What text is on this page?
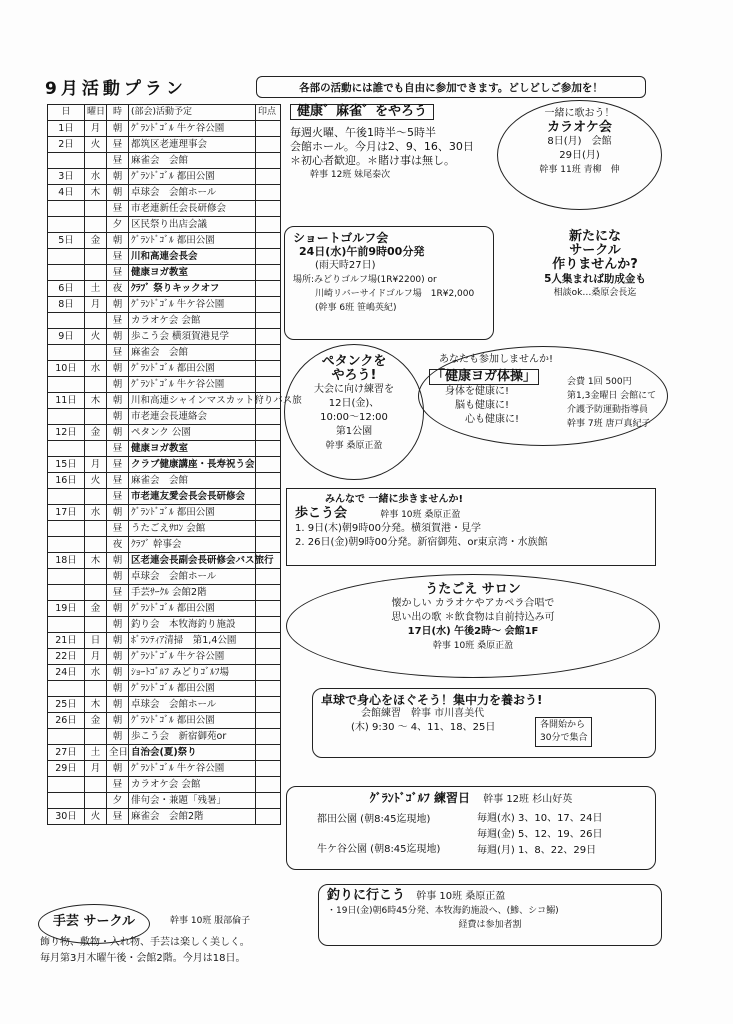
9月活動プラン	各部の活動には誰でも自由に参加できます。どしどしご参加を！
日	曜日	時	(部会)活動予定	印点
1日	月	朝	ｸﾞﾗﾝﾄﾞｺﾞﾙ 牛ケ谷公園	
2日	火	昼	都筑区老連理事会	
		昼	麻雀会　会館	
3日	水	朝	ｸﾞﾗﾝﾄﾞｺﾞﾙ 都田公園	
4日	木	朝	卓球会　会館ホール	
		昼	市老連新任会長研修会	
		夕	区民祭り出店会議	
5日	金	朝	ｸﾞﾗﾝﾄﾞｺﾞﾙ 都田公園	
		昼	川和高連会長会	
		昼	健康ヨガ教室	
6日	土	夜	ｸﾗﾌﾞ 祭りキックオフ	
8日	月	朝	ｸﾞﾗﾝﾄﾞｺﾞﾙ 牛ケ谷公園	
		昼	カラオケ会 会館	
9日	火	朝	歩こう会 横須賀港見学	
		昼	麻雀会　会館	
10日	水	朝	ｸﾞﾗﾝﾄﾞｺﾞﾙ 都田公園	
		朝	ｸﾞﾗﾝﾄﾞｺﾞﾙ 牛ケ谷公園	
11日	木	朝	川和高連シャインマスカット狩りバス旅	
		朝	市老連会長連絡会	
12日	金	朝	ペタンク 公園	
		昼	健康ヨガ教室	
15日	月	昼	クラブ健康講座・長寿祝う会	
16日	火	昼	麻雀会　会館	
		昼	市老連友愛会長会長研修会	
17日	水	朝	ｸﾞﾗﾝﾄﾞｺﾞﾙ 都田公園	
		昼	うたごえｻﾛﾝ 会館	
		夜	ｸﾗﾌﾞ 幹事会	
18日	木	朝	区老連会長副会長研修会バス旅行	
		朝	卓球会　会館ホール	
		昼	手芸ｻｰｸﾙ 会館2階	
19日	金	朝	ｸﾞﾗﾝﾄﾞｺﾞﾙ 都田公園	
		朝	釣り会　本牧海釣り施設	
21日	日	朝	ﾎﾞﾗﾝﾃｨｱ清掃　第1,4公園	
22日	月	朝	ｸﾞﾗﾝﾄﾞｺﾞﾙ 牛ケ谷公園	
24日	水	朝	ｼｮｰﾄｺﾞﾙﾌ みどりｺﾞﾙﾌ場	
		朝	ｸﾞﾗﾝﾄﾞｺﾞﾙ 都田公園	
25日	木	朝	卓球会　会館ホール	
26日	金	朝	ｸﾞﾗﾝﾄﾞｺﾞﾙ 都田公園	
		朝	歩こう会　新宿御苑or	
27日	土	全日	自治会(夏)祭り	
29日	月	朝	ｸﾞﾗﾝﾄﾞｺﾞﾙ 牛ケ谷公園	
		昼	カラオケ会 会館	
		夕	俳句会・兼題「残暑」	
30日	火	昼	麻雀会　会館2階	
健康゛麻雀゛をやろう
毎週火曜、午後1時半～5時半
会館ホール。今月は2、9、16、30日
＊初心者歓迎。＊賭け事は無し。
幹事 12班 妹尾泰次
一緒に歌おう！
カラオケ会
8日(月)　会館
29日(月)
幹事 11班 青柳　伸
ショートゴルフ会
24日(水)午前9時00分発
(雨天時27日)
場所:みどりゴルフ場(1R¥2200) or
川崎リバーサイドゴルフ場　1R¥2,000
(幹事 6班 笹嶋英紀)
新たにな
サークル
作りませんか?
5人集まれば助成金も
相談ok…桑原会長迄
ペタンクを
やろう!
大会に向け練習を
12日(金)、
10:00～12:00
第1公園
幹事 桑原正盈
あなたも参加しませんか!
「健康ヨガ体操」
身体を健康に!
脳も健康に!
心も健康に!
会費 1回 500円
第1,3金曜日 会館にて
介護予防運動指導員
幹事 7班 唐戸真紀子
みんなで 一緒に歩きませんか!
歩こう会	幹事 10班 桑原正盈
1. 9日(木)朝9時00分発。横須賀港・見学
2. 26日(金)朝9時00分発。新宿御苑、or東京湾・水族館
うたごえ サロン
懐かしい カラオケやアカペラ合唱で
思い出の歌 ＊飲食物は自前持込み可
17日(水) 午後2時～ 会館1F
幹事 10班 桑原正盈
卓球で身心をほぐそう！集中力を養おう!
会館練習　幹事 市川喜美代
(木) 9:30 ～ 4、11、18、25日	各開始から
30分で集合
ｸﾞﾗﾝﾄﾞｺﾞﾙﾌ 練習日 幹事 12班 杉山好英
都田公園 (朝8:45迄現地)
牛ケ谷公園 (朝8:45迄現地)
毎週(水) 3、10、17、24日
毎週(金) 5、12、19、26日
毎週(月) 1、8、22、29日
釣りに行こう 幹事 10班 桑原正盈
・19日(金)朝6時45分発、本牧海釣施設へ、(鯵、シコ鰯)
経費は参加者割
手芸 サークル	幹事 10班 服部倫子
飾り物、敷物・入れ物、手芸は楽しく美しく。
毎月第3月木曜午後・会館2階。今月は18日。
